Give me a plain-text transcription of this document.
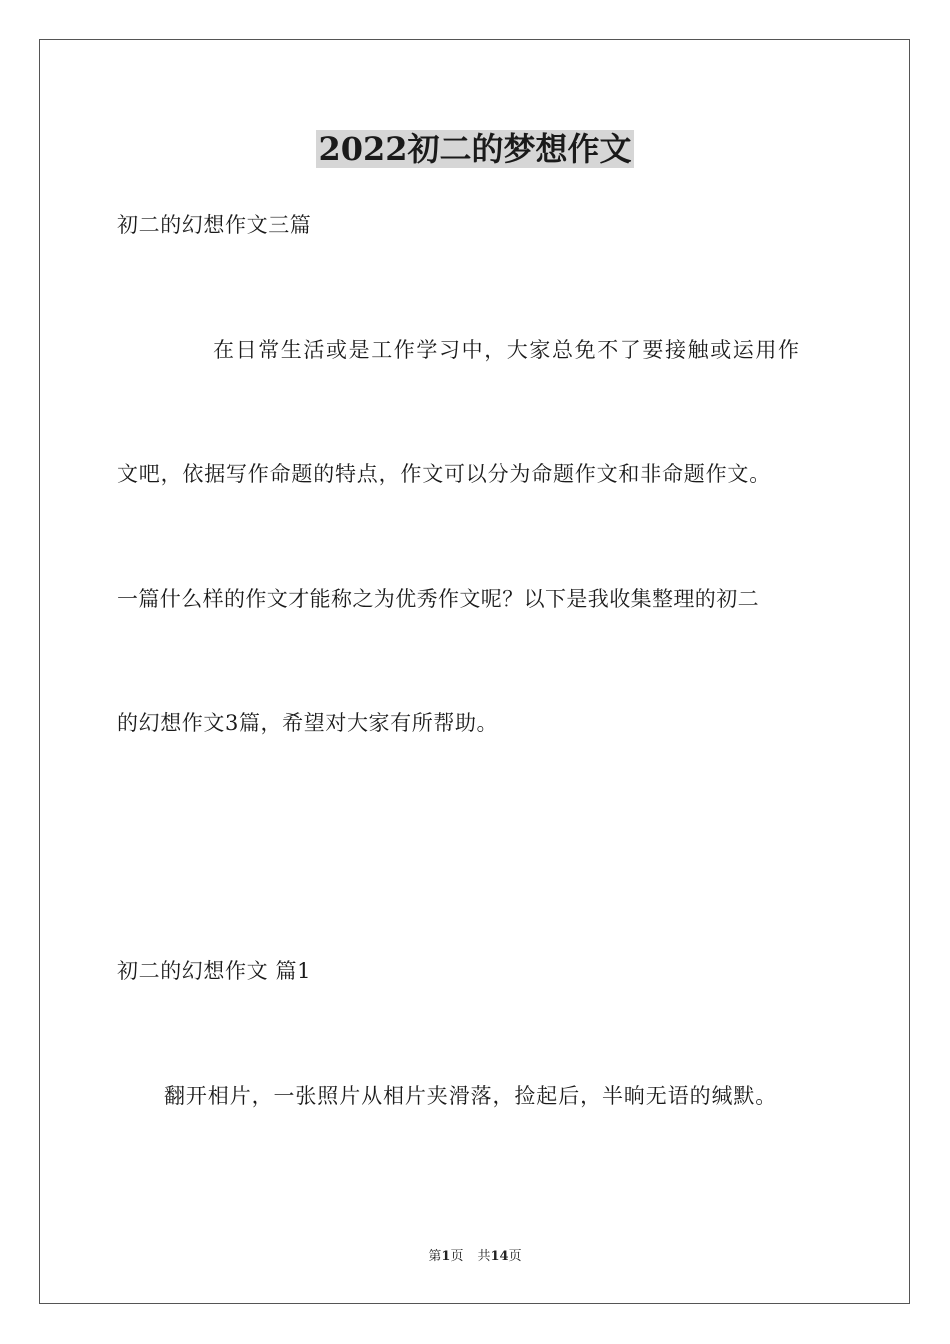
2022初二的梦想作文
初二的幻想作文三篇
在日常生活或是工作学习中，大家总免不了要接触或运用作
文吧，依据写作命题的特点，作文可以分为命题作文和非命题作文。
一篇什么样的作文才能称之为优秀作文呢？以下是我收集整理的初二
的幻想作文3篇，希望对大家有所帮助。
初二的幻想作文 篇1
翻开相片，一张照片从相片夹滑落，捡起后，半晌无语的缄默。
第1页 共14页
